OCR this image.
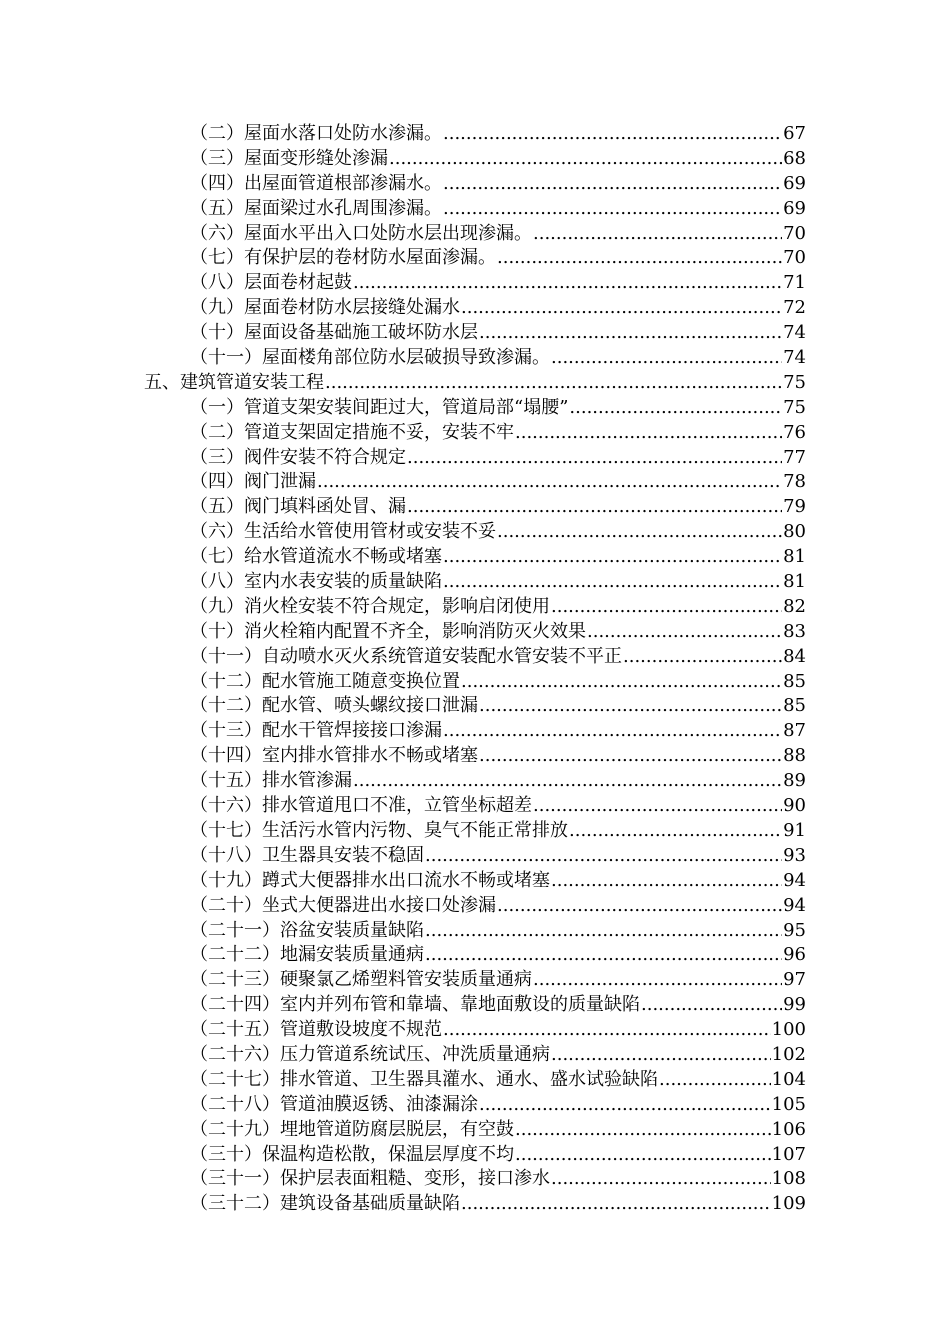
（二）屋面水落口处防水渗漏。 .....	67
（三）屋面变形缝处渗漏 .....	68
（四）出屋面管道根部渗漏水。 .....	69
（五）屋面梁过水孔周围渗漏。 .....	69
（六）屋面水平出入口处防水层出现渗漏。 .....	70
（七）有保护层的卷材防水屋面渗漏。 .....	70
（八）层面卷材起鼓 .....	71
（九）屋面卷材防水层接缝处漏水 .....	72
（十）屋面设备基础施工破坏防水层 .....	74
（十一）屋面楼角部位防水层破损导致渗漏。 .....	74
五、建筑管道安装工程 .....	75
（一）管道支架安装间距过大，管道局部“塌腰” .....	75
（二）管道支架固定措施不妥，安装不牢 .....	76
（三）阀件安装不符合规定 .....	77
（四）阀门泄漏 .....	78
（五）阀门填料函处冒、漏 .....	79
（六）生活给水管使用管材或安装不妥 .....	80
（七）给水管道流水不畅或堵塞 .....	81
（八）室内水表安装的质量缺陷 .....	81
（九）消火栓安装不符合规定，影响启闭使用 .....	82
（十）消火栓箱内配置不齐全，影响消防灭火效果 .....	83
（十一）自动喷水灭火系统管道安装配水管安装不平正 .....	84
（十二）配水管施工随意变换位置 .....	85
（十二）配水管、喷头螺纹接口泄漏 .....	85
（十三）配水干管焊接接口渗漏 .....	87
（十四）室内排水管排水不畅或堵塞 .....	88
（十五）排水管渗漏 .....	89
（十六）排水管道甩口不准，立管坐标超差 .....	90
（十七）生活污水管内污物、臭气不能正常排放 .....	91
（十八）卫生器具安装不稳固 .....	93
（十九）蹲式大便器排水出口流水不畅或堵塞 .....	94
（二十）坐式大便器进出水接口处渗漏 .....	94
（二十一）浴盆安装质量缺陷 .....	95
（二十二）地漏安装质量通病 .....	96
（二十三）硬聚氯乙烯塑料管安装质量通病 .....	97
（二十四）室内并列布管和靠墙、靠地面敷设的质量缺陷 .....	99
（二十五）管道敷设坡度不规范 .....	100
（二十六）压力管道系统试压、冲洗质量通病 .....	102
（二十七）排水管道、卫生器具灌水、通水、盛水试验缺陷 .....	104
（二十八）管道油膜返锈、油漆漏涂 .....	105
（二十九）埋地管道防腐层脱层，有空鼓 .....	106
（三十）保温构造松散，保温层厚度不均 .....	107
（三十一）保护层表面粗糙、变形，接口渗水 .....	108
（三十二）建筑设备基础质量缺陷 .....	109
